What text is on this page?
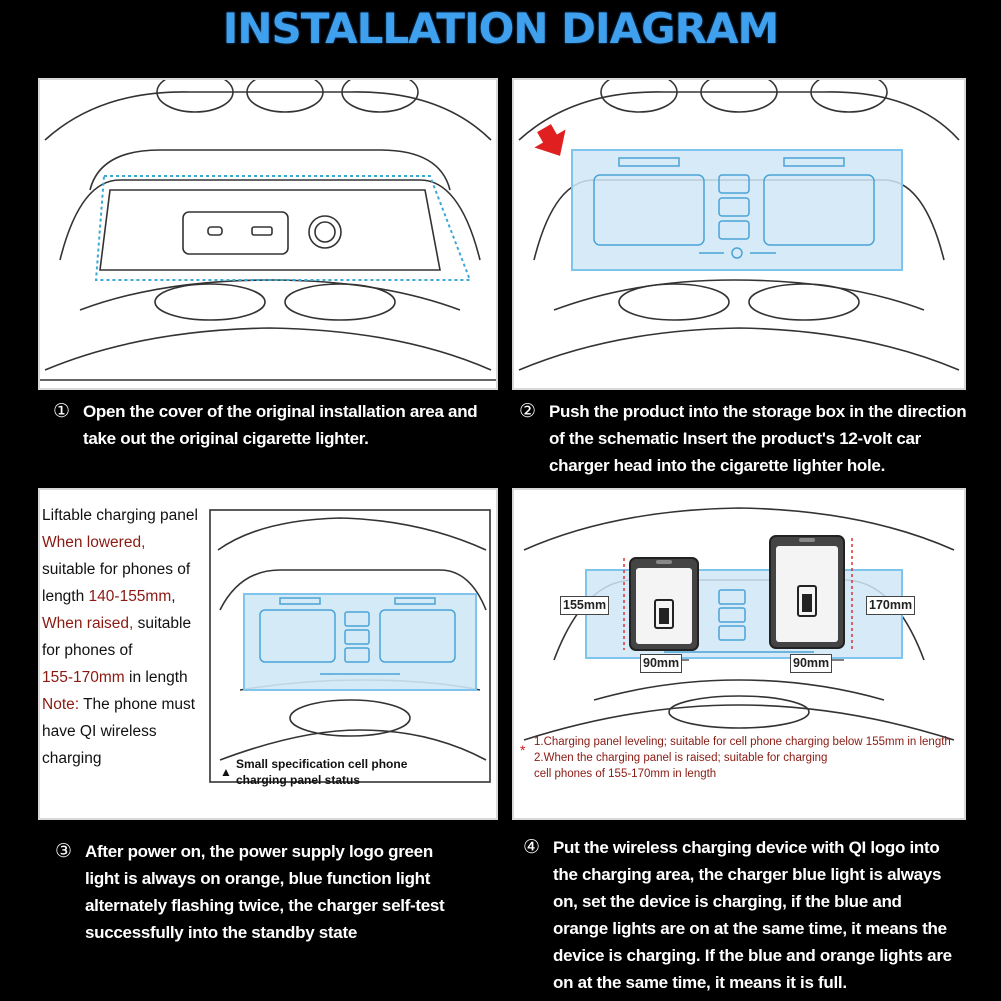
INSTALLATION DIAGRAM
① Open the cover of the original installation area and
take out the original cigarette lighter.
② Push the product into the storage box in the direction
of the schematic Insert the product's 12-volt car
charger head into the cigarette lighter hole.
Liftable charging panel
When lowered,
suitable for phones of
length 140-155mm,
When raised, suitable
for phones of
155-170mm in length
Note: The phone must
have QI wireless
charging
▲
Small specification cell phone
charging panel status
155mm	170mm
90mm	90mm
* 1.Charging panel leveling; suitable for cell phone charging below 155mm in length
2.When the charging panel is raised; suitable for charging
cell phones of 155-170mm in length
③ After power on, the power supply logo green
light is always on orange, blue function light
alternately flashing twice, the charger self-test
successfully into the standby state
④ Put the wireless charging device with QI logo into
the charging area, the charger blue light is always
on, set the device is charging, if the blue and
orange lights are on at the same time, it means the
device is charging. If the blue and orange lights are
on at the same time, it means it is full.
